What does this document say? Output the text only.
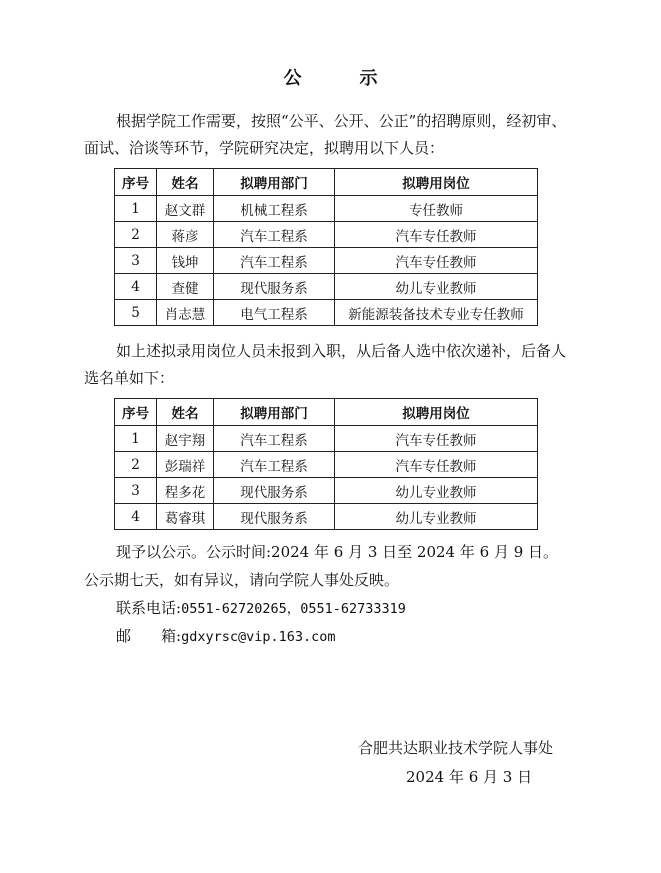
公　示

根据学院工作需要，按照“公平、公开、公正”的招聘原则，经初审、面试、洽谈等环节，学院研究决定，拟聘用以下人员：

序号	姓名	拟聘用部门	拟聘用岗位
1	赵文群	机械工程系	专任教师
2	蒋彦	汽车工程系	汽车专任教师
3	钱坤	汽车工程系	汽车专任教师
4	查健	现代服务系	幼儿专业教师
5	肖志慧	电气工程系	新能源装备技术专业专任教师

如上述拟录用岗位人员未报到入职，从后备人选中依次递补，后备人选名单如下：

序号	姓名	拟聘用部门	拟聘用岗位
1	赵宇翔	汽车工程系	汽车专任教师
2	彭瑞祥	汽车工程系	汽车专任教师
3	程多花	现代服务系	幼儿专业教师
4	葛睿琪	现代服务系	幼儿专业教师
现予以公示。公示时间:2024 年 6 月 3 日至 2024 年 6 月 9 日。
公示期七天，如有异议，请向学院人事处反映。
联系电话:0551-62720265，0551-62733319
邮　　箱:gdxyrsc@vip.163.com
合肥共达职业技术学院人事处
2024 年 6 月 3 日
